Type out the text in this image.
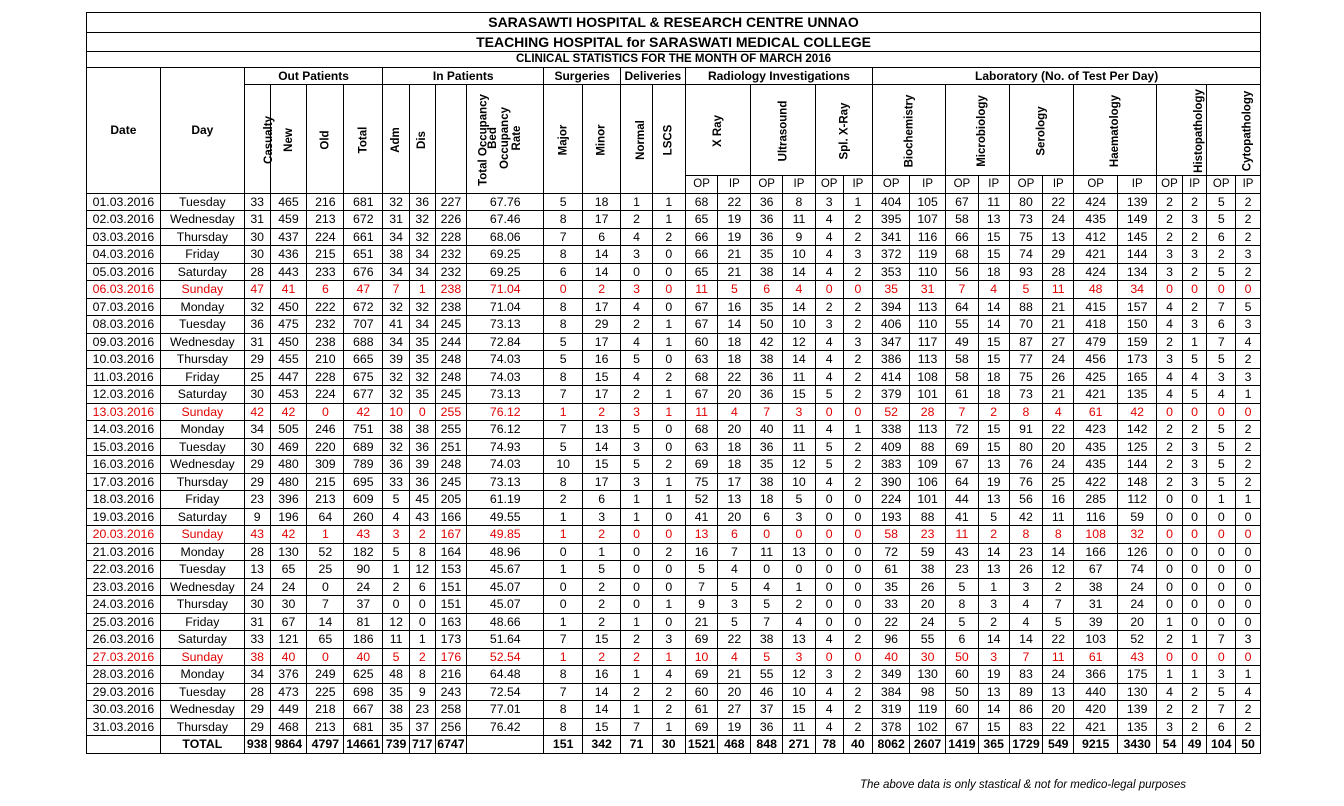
SARASAWTI HOSPITAL & RESEARCH CENTRE UNNAO																															
TEACHING HOSPITAL for SARASWATI MEDICAL COLLEGE																															
CLINICAL STATISTICS FOR THE MONTH OF MARCH 2016																															
Date	Day	Out Patients				In Patients				Surgeries		Deliveries		Radiology Investigations						Laboratory (No. of Test Per Day)											
		Casualty	New	Old	Total	Adm	Dis	Total Occupancy	Bed Occupancy Rate	Major	Minor	Normal	LSCS	X Ray		Ultrasound		Spl. X-Ray		Biochemistry		Microbiology		Serology		Haematology		Histopathology		Cytopathology	
														OP	IP	OP	IP	OP	IP	OP	IP	OP	IP	OP	IP	OP	IP	OP	IP	OP	IP
01.03.2016	Tuesday	33	465	216	681	32	36	227	67.76	5	18	1	1	68	22	36	8	3	1	404	105	67	11	80	22	424	139	2	2	5	2
02.03.2016	Wednesday	31	459	213	672	31	32	226	67.46	8	17	2	1	65	19	36	11	4	2	395	107	58	13	73	24	435	149	2	3	5	2
03.03.2016	Thursday	30	437	224	661	34	32	228	68.06	7	6	4	2	66	19	36	9	4	2	341	116	66	15	75	13	412	145	2	2	6	2
04.03.2016	Friday	30	436	215	651	38	34	232	69.25	8	14	3	0	66	21	35	10	4	3	372	119	68	15	74	29	421	144	3	3	2	3
05.03.2016	Saturday	28	443	233	676	34	34	232	69.25	6	14	0	0	65	21	38	14	4	2	353	110	56	18	93	28	424	134	3	2	5	2
06.03.2016	Sunday	47	41	6	47	7	1	238	71.04	0	2	3	0	11	5	6	4	0	0	35	31	7	4	5	11	48	34	0	0	0	0
07.03.2016	Monday	32	450	222	672	32	32	238	71.04	8	17	4	0	67	16	35	14	2	2	394	113	64	14	88	21	415	157	4	2	7	5
08.03.2016	Tuesday	36	475	232	707	41	34	245	73.13	8	29	2	1	67	14	50	10	3	2	406	110	55	14	70	21	418	150	4	3	6	3
09.03.2016	Wednesday	31	450	238	688	34	35	244	72.84	5	17	4	1	60	18	42	12	4	3	347	117	49	15	87	27	479	159	2	1	7	4
10.03.2016	Thursday	29	455	210	665	39	35	248	74.03	5	16	5	0	63	18	38	14	4	2	386	113	58	15	77	24	456	173	3	5	5	2
11.03.2016	Friday	25	447	228	675	32	32	248	74.03	8	15	4	2	68	22	36	11	4	2	414	108	58	18	75	26	425	165	4	4	3	3
12.03.2016	Saturday	30	453	224	677	32	35	245	73.13	7	17	2	1	67	20	36	15	5	2	379	101	61	18	73	21	421	135	4	5	4	1
13.03.2016	Sunday	42	42	0	42	10	0	255	76.12	1	2	3	1	11	4	7	3	0	0	52	28	7	2	8	4	61	42	0	0	0	0
14.03.2016	Monday	34	505	246	751	38	38	255	76.12	7	13	5	0	68	20	40	11	4	1	338	113	72	15	91	22	423	142	2	2	5	2
15.03.2016	Tuesday	30	469	220	689	32	36	251	74.93	5	14	3	0	63	18	36	11	5	2	409	88	69	15	80	20	435	125	2	3	5	2
16.03.2016	Wednesday	29	480	309	789	36	39	248	74.03	10	15	5	2	69	18	35	12	5	2	383	109	67	13	76	24	435	144	2	3	5	2
17.03.2016	Thursday	29	480	215	695	33	36	245	73.13	8	17	3	1	75	17	38	10	4	2	390	106	64	19	76	25	422	148	2	3	5	2
18.03.2016	Friday	23	396	213	609	5	45	205	61.19	2	6	1	1	52	13	18	5	0	0	224	101	44	13	56	16	285	112	0	0	1	1
19.03.2016	Saturday	9	196	64	260	4	43	166	49.55	1	3	1	0	41	20	6	3	0	0	193	88	41	5	42	11	116	59	0	0	0	0
20.03.2016	Sunday	43	42	1	43	3	2	167	49.85	1	2	0	0	13	6	0	0	0	0	58	23	11	2	8	8	108	32	0	0	0	0
21.03.2016	Monday	28	130	52	182	5	8	164	48.96	0	1	0	2	16	7	11	13	0	0	72	59	43	14	23	14	166	126	0	0	0	0
22.03.2016	Tuesday	13	65	25	90	1	12	153	45.67	1	5	0	0	5	4	0	0	0	0	61	38	23	13	26	12	67	74	0	0	0	0
23.03.2016	Wednesday	24	24	0	24	2	6	151	45.07	0	2	0	0	7	5	4	1	0	0	35	26	5	1	3	2	38	24	0	0	0	0
24.03.2016	Thursday	30	30	7	37	0	0	151	45.07	0	2	0	1	9	3	5	2	0	0	33	20	8	3	4	7	31	24	0	0	0	0
25.03.2016	Friday	31	67	14	81	12	0	163	48.66	1	2	1	0	21	5	7	4	0	0	22	24	5	2	4	5	39	20	1	0	0	0
26.03.2016	Saturday	33	121	65	186	11	1	173	51.64	7	15	2	3	69	22	38	13	4	2	96	55	6	14	14	22	103	52	2	1	7	3
27.03.2016	Sunday	38	40	0	40	5	2	176	52.54	1	2	2	1	10	4	5	3	0	0	40	30	50	3	7	11	61	43	0	0	0	0
28.03.2016	Monday	34	376	249	625	48	8	216	64.48	8	16	1	4	69	21	55	12	3	2	349	130	60	19	83	24	366	175	1	1	3	1
29.03.2016	Tuesday	28	473	225	698	35	9	243	72.54	7	14	2	2	60	20	46	10	4	2	384	98	50	13	89	13	440	130	4	2	5	4
30.03.2016	Wednesday	29	449	218	667	38	23	258	77.01	8	14	1	2	61	27	37	15	4	2	319	119	60	14	86	20	420	139	2	2	7	2
31.03.2016	Thursday	29	468	213	681	35	37	256	76.42	8	15	7	1	69	19	36	11	4	2	378	102	67	15	83	22	421	135	3	2	6	2
	TOTAL	938	9864	4797	14661	739	717	6747		151	342	71	30	1521	468	848	271	78	40	8062	2607	1419	365	1729	549	9215	3430	54	49	104	50
The above data is only stastical & not for medico-legal purposes
